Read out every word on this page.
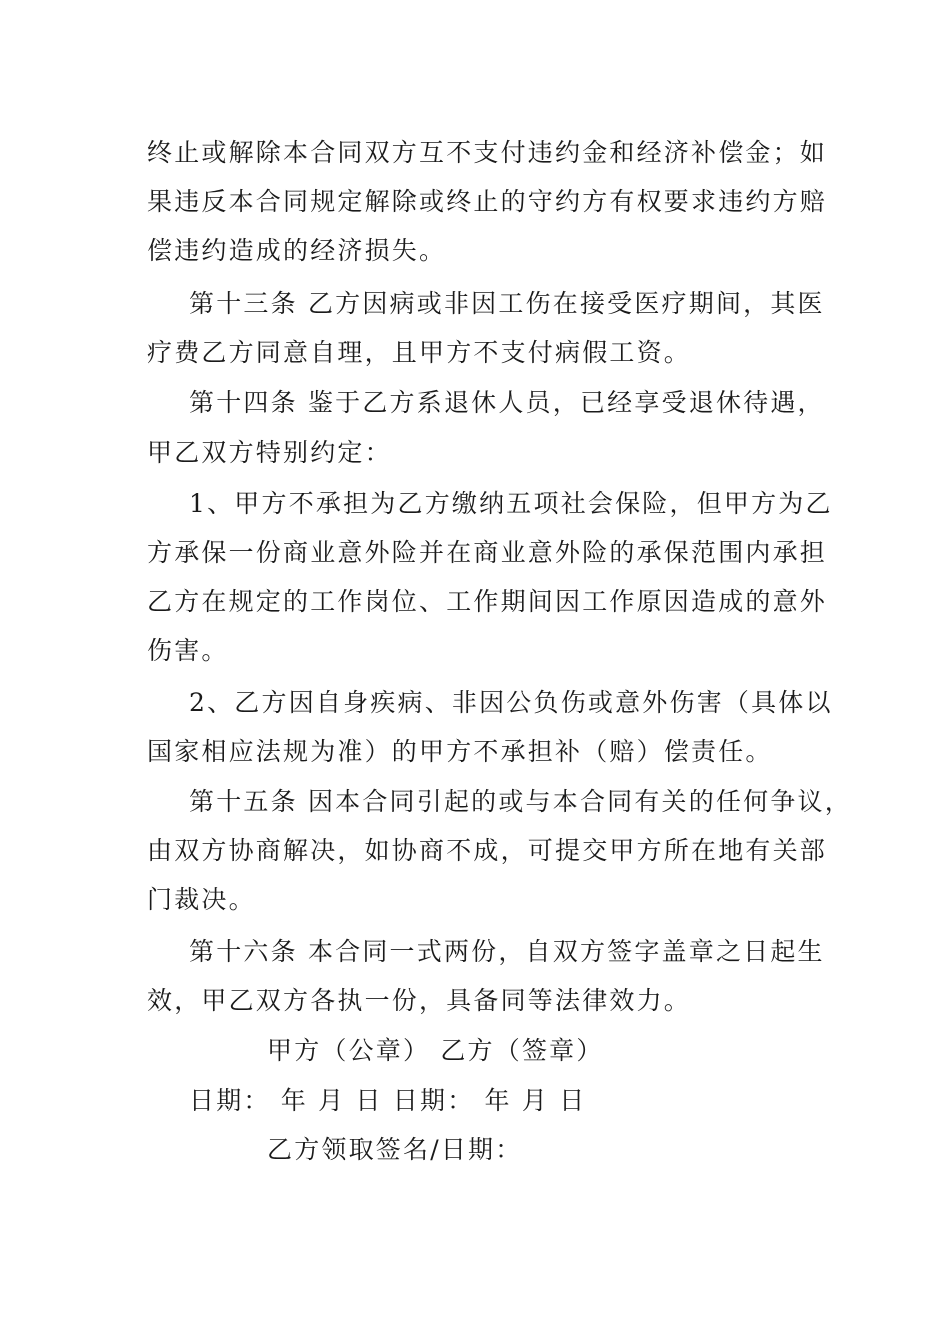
终止或解除本合同双方互不支付违约金和经济补偿金；如
果违反本合同规定解除或终止的守约方有权要求违约方赔
偿违约造成的经济损失。
第十三条 乙方因病或非因工伤在接受医疗期间，其医
疗费乙方同意自理，且甲方不支付病假工资。
第十四条 鉴于乙方系退休人员，已经享受退休待遇，
甲乙双方特别约定：
1、甲方不承担为乙方缴纳五项社会保险，但甲方为乙
方承保一份商业意外险并在商业意外险的承保范围内承担
乙方在规定的工作岗位、工作期间因工作原因造成的意外
伤害。
2、乙方因自身疾病、非因公负伤或意外伤害（具体以
国家相应法规为准）的甲方不承担补（赔）偿责任。
第十五条 因本合同引起的或与本合同有关的任何争议，
由双方协商解决，如协商不成，可提交甲方所在地有关部
门裁决。
第十六条 本合同一式两份，自双方签字盖章之日起生
效，甲乙双方各执一份，具备同等法律效力。
甲方（公章） 乙方（签章）
日期： 年 月 日 日期： 年 月 日
乙方领取签名/日期：
